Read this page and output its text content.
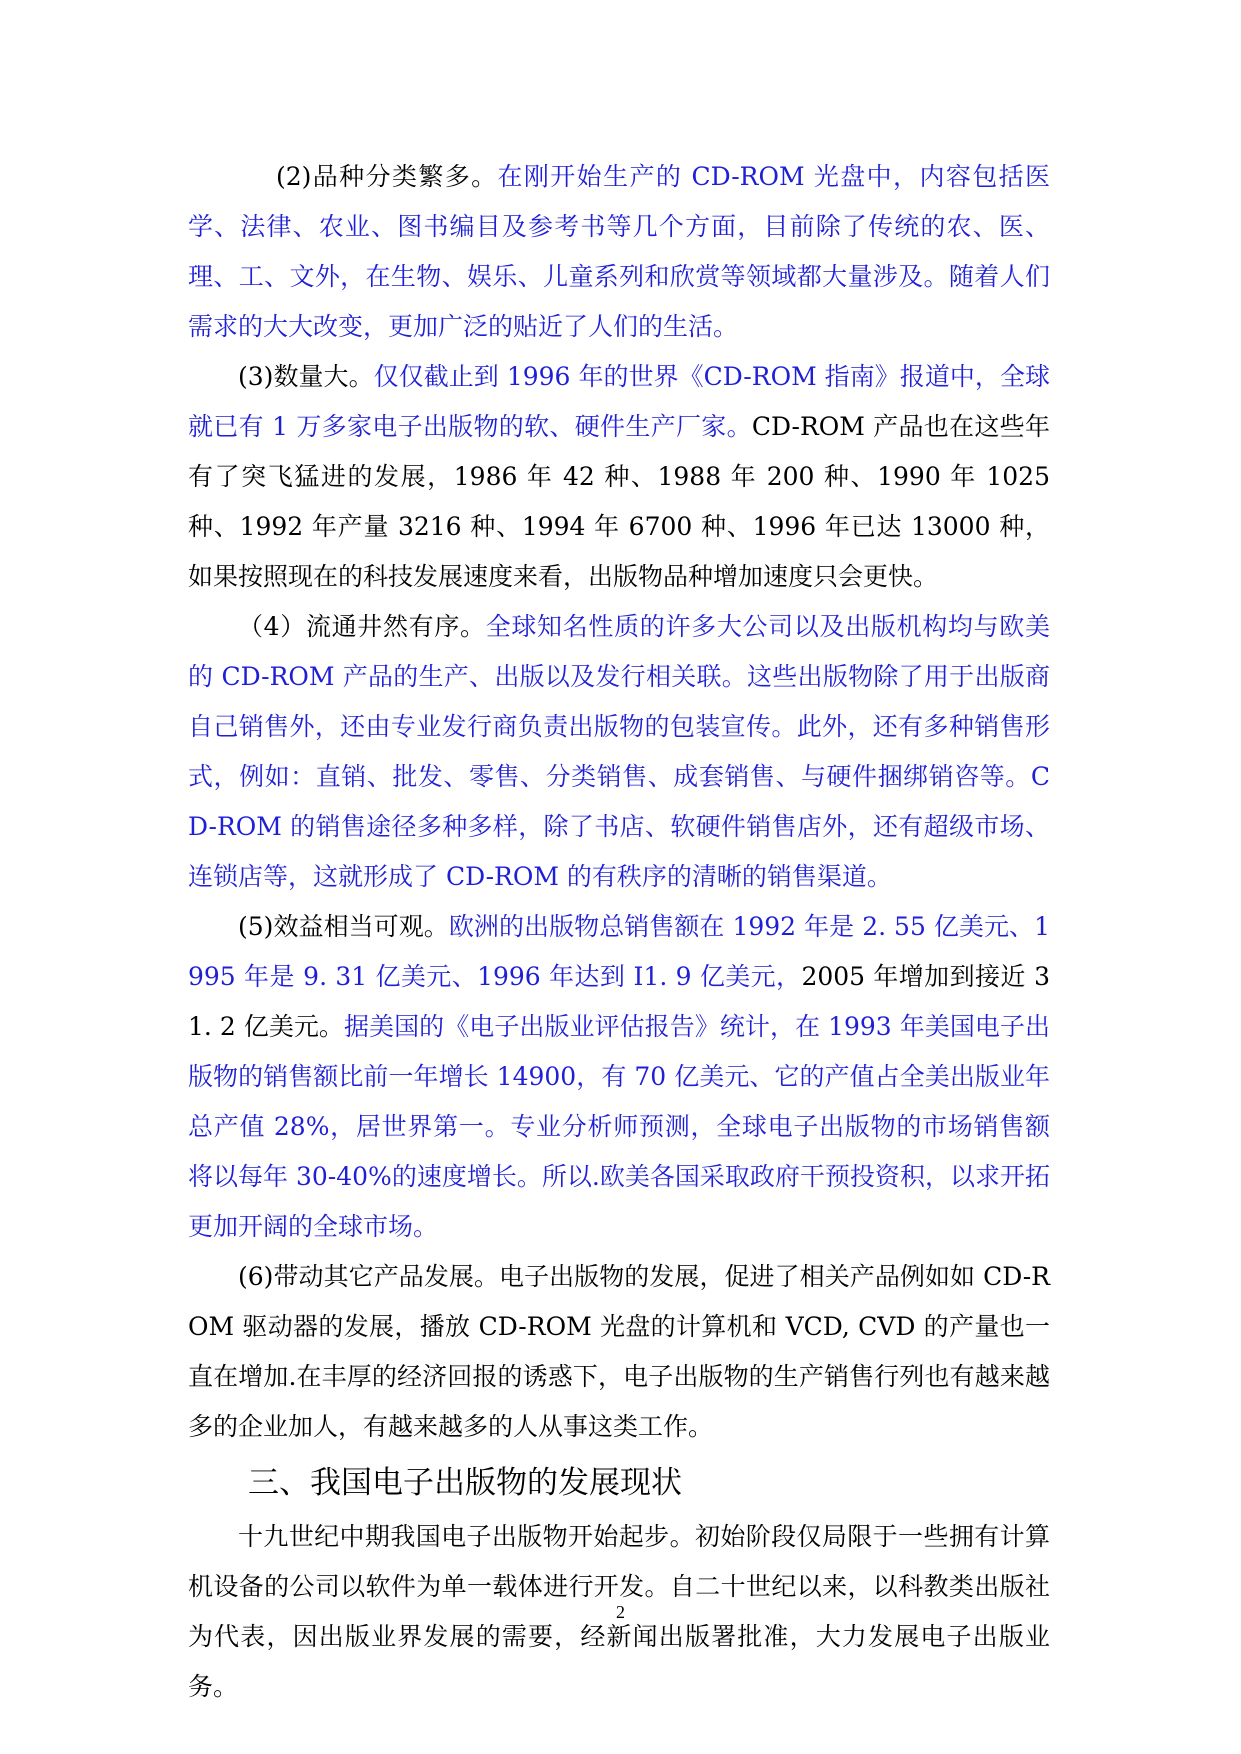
(2)品种分类繁多。在刚开始生产的 CD-ROM 光盘中，内容包括医学、法律、农业、图书编目及参考书等几个方面，目前除了传统的农、医、理、工、文外，在生物、娱乐、儿童系列和欣赏等领域都大量涉及。随着人们需求的大大改变，更加广泛的贴近了人们的生活。

(3)数量大。仅仅截止到 1996 年的世界《CD-ROM 指南》报道中，全球就已有 1 万多家电子出版物的软、硬件生产厂家。CD-ROM 产品也在这些年有了突飞猛进的发展，1986 年 42 种、1988 年 200 种、1990 年 1025 种、1992 年产量 3216 种、1994 年 6700 种、1996 年已达 13000 种，如果按照现在的科技发展速度来看，出版物品种增加速度只会更快。

（4）流通井然有序。全球知名性质的许多大公司以及出版机构均与欧美的 CD-ROM 产品的生产、出版以及发行相关联。这些出版物除了用于出版商自己销售外，还由专业发行商负责出版物的包装宣传。此外，还有多种销售形式，例如：直销、批发、零售、分类销售、成套销售、与硬件捆绑销咨等。CD-ROM 的销售途径多种多样，除了书店、软硬件销售店外，还有超级市场、连锁店等，这就形成了 CD-ROM 的有秩序的清晰的销售渠道。

(5)效益相当可观。欧洲的出版物总销售额在 1992 年是 2. 55 亿美元、1995 年是 9. 31 亿美元、1996 年达到 I1. 9 亿美元，2005 年增加到接近 31. 2 亿美元。据美国的《电子出版业评估报告》统计，在 1993 年美国电子出版物的销售额比前一年增长 14900，有 70 亿美元、它的产值占全美出版业年总产值 28%，居世界第一。专业分析师预测，全球电子出版物的市场销售额将以每年 30-40%的速度增长。所以.欧美各国采取政府干预投资积，以求开拓更加开阔的全球市场。

(6)带动其它产品发展。电子出版物的发展，促进了相关产品例如如 CD-ROM 驱动器的发展，播放 CD-ROM 光盘的计算机和 VCD, CVD 的产量也一直在增加.在丰厚的经济回报的诱惑下，电子出版物的生产销售行列也有越来越多的企业加人，有越来越多的人从事这类工作。

三、我国电子出版物的发展现状

十九世纪中期我国电子出版物开始起步。初始阶段仅局限于一些拥有计算机设备的公司以软件为单一载体进行开发。自二十世纪以来，以科教类出版社为代表，因出版业界发展的需要，经新闻出版署批准，大力发展电子出版业务。

2
